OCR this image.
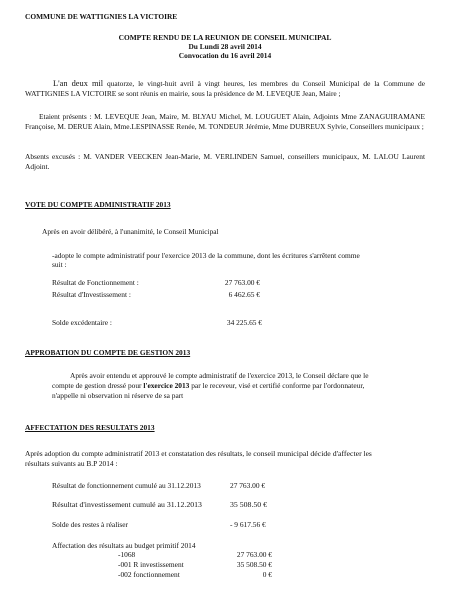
COMMUNE DE WATTIGNIES LA VICTOIRE
COMPTE RENDU DE LA REUNION DE CONSEIL MUNICIPAL
Du Lundi 28 avril 2014
Convocation du 16 avril 2014
L'an deux mil quatorze, le vingt-huit avril à vingt heures, les membres du Conseil Municipal de la Commune de WATTIGNIES LA VICTOIRE se sont réunis en mairie, sous la présidence de M. LEVEQUE Jean, Maire ;
Etaient présents : M. LEVEQUE Jean, Maire, M. BLYAU Michel, M. LOUGUET Alain, Adjoints Mme ZANAGUIRAMANE Françoise, M. DERUE Alain, Mme.LESPINASSE Renée, M. TONDEUR Jérémie, Mme DUBREUX Sylvie, Conseillers municipaux ;
Absents excusés : M. VANDER VEECKEN Jean-Marie, M. VERLINDEN Samuel, conseillers municipaux, M. LALOU Laurent Adjoint.
VOTE DU COMPTE ADMINISTRATIF 2013
Après en avoir délibéré, à l'unanimité, le Conseil Municipal
-adopte le compte administratif pour l'exercice 2013 de la commune, dont les écritures s'arrêtent comme
suit :
Résultat de Fonctionnement :	27 763.00 €
Résultat d'Investissement :	6 462.65 €
Solde excédentaire :	34 225.65 €
APPROBATION DU COMPTE DE GESTION 2013
Après avoir entendu et approuvé le compte administratif de l'exercice 2013, le Conseil déclare que le
compte de gestion dressé pour l'exercice 2013 par le receveur, visé et certifié conforme par l'ordonnateur,
n'appelle ni observation ni réserve de sa part
AFFECTATION DES RESULTATS 2013
Après adoption du compte administratif 2013 et constatation des résultats, le conseil municipal décide d'affecter les
résultats suivants au B.P 2014 :
Résultat de fonctionnement cumulé au 31.12.2013	27 763.00 €
Résultat d'investissement cumulé au 31.12.2013	35 508.50 €
Solde des restes à réaliser	- 9 617.56 €
Affectation des résultats au budget primitif 2014
-1068	27 763.00 €
-001 R investissement	35 508.50 €
-002 fonctionnement	0 €
